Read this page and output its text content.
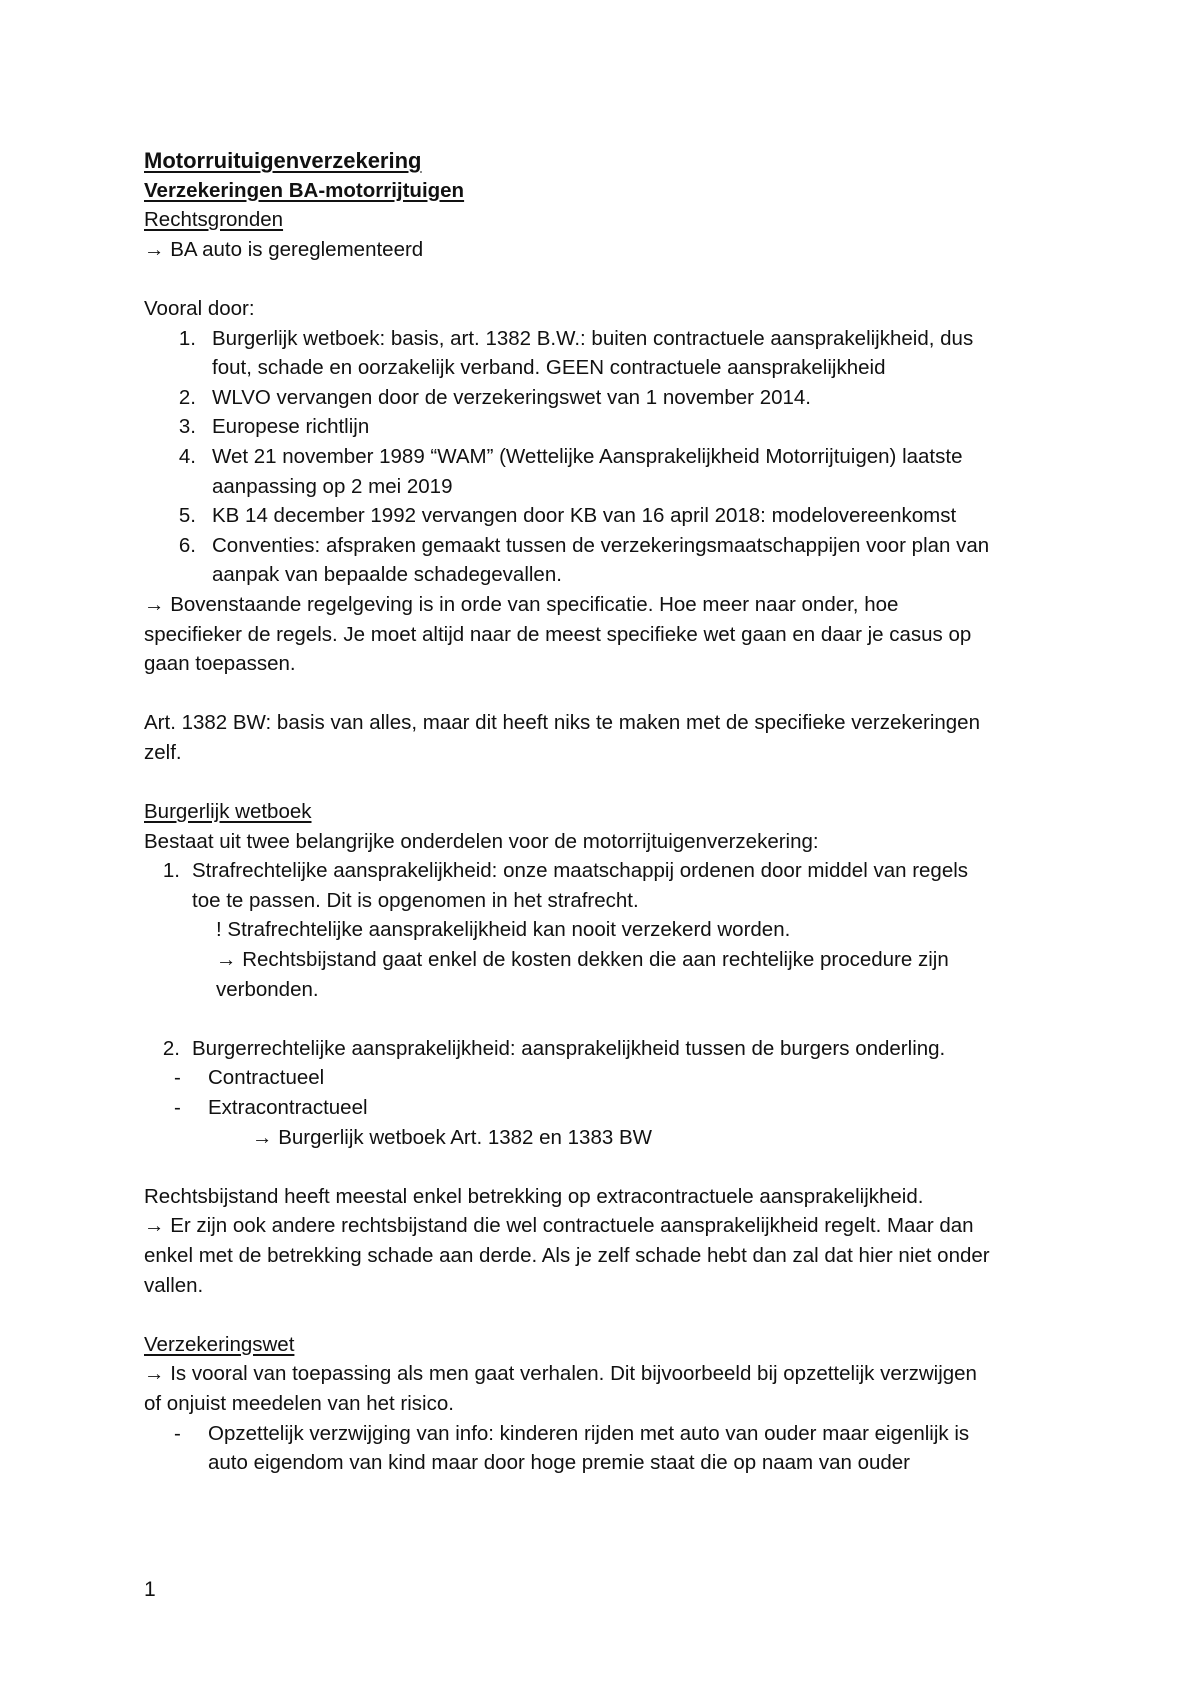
Motorruituigenverzekering
Verzekeringen BA-motorrijtuigen
Rechtsgronden
→ BA auto is gereglementeerd
Vooral door:
1. Burgerlijk wetboek: basis, art. 1382 B.W.: buiten contractuele aansprakelijkheid, dus
fout, schade en oorzakelijk verband. GEEN contractuele aansprakelijkheid
2. WLVO vervangen door de verzekeringswet van 1 november 2014.
3. Europese richtlijn
4. Wet 21 november 1989 “WAM” (Wettelijke Aansprakelijkheid Motorrijtuigen) laatste
aanpassing op 2 mei 2019
5. KB 14 december 1992 vervangen door KB van 16 april 2018: modelovereenkomst
6. Conventies: afspraken gemaakt tussen de verzekeringsmaatschappijen voor plan van
aanpak van bepaalde schadegevallen.
→ Bovenstaande regelgeving is in orde van specificatie. Hoe meer naar onder, hoe
specifieker de regels. Je moet altijd naar de meest specifieke wet gaan en daar je casus op
gaan toepassen.
Art. 1382 BW: basis van alles, maar dit heeft niks te maken met de specifieke verzekeringen
zelf.
Burgerlijk wetboek
Bestaat uit twee belangrijke onderdelen voor de motorrijtuigenverzekering:
1. Strafrechtelijke aansprakelijkheid: onze maatschappij ordenen door middel van regels
toe te passen. Dit is opgenomen in het strafrecht.
! Strafrechtelijke aansprakelijkheid kan nooit verzekerd worden.
→ Rechtsbijstand gaat enkel de kosten dekken die aan rechtelijke procedure zijn
verbonden.
2. Burgerrechtelijke aansprakelijkheid: aansprakelijkheid tussen de burgers onderling.
- Contractueel
- Extracontractueel
→ Burgerlijk wetboek Art. 1382 en 1383 BW
Rechtsbijstand heeft meestal enkel betrekking op extracontractuele aansprakelijkheid.
→ Er zijn ook andere rechtsbijstand die wel contractuele aansprakelijkheid regelt. Maar dan
enkel met de betrekking schade aan derde. Als je zelf schade hebt dan zal dat hier niet onder
vallen.
Verzekeringswet
→ Is vooral van toepassing als men gaat verhalen. Dit bijvoorbeeld bij opzettelijk verzwijgen
of onjuist meedelen van het risico.
- Opzettelijk verzwijging van info: kinderen rijden met auto van ouder maar eigenlijk is
auto eigendom van kind maar door hoge premie staat die op naam van ouder
1
